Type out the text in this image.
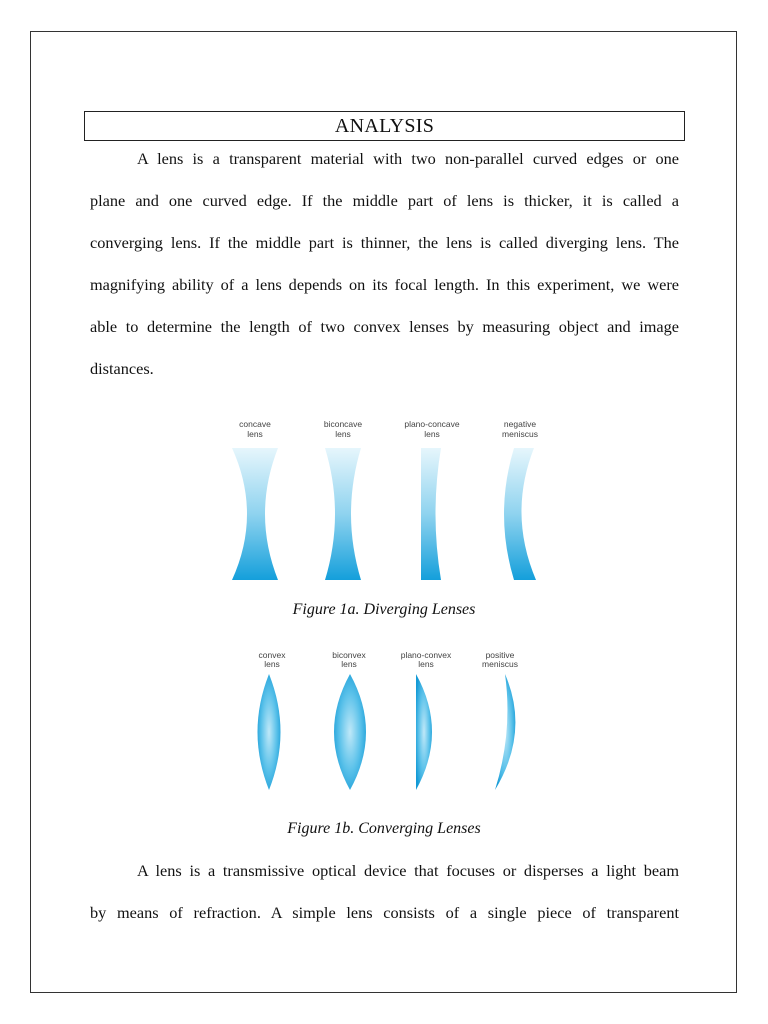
ANALYSIS
A lens is a transparent material with two non-parallel curved edges or one
plane and one curved edge. If the middle part of lens is thicker, it is called a
converging lens. If the middle part is thinner, the lens is called diverging lens. The
magnifying ability of a lens depends on its focal length. In this experiment, we were
able to determine the length of two convex lenses by measuring object and image
distances.
concave
lens
biconcave
lens
plano-concave
lens
negative
meniscus
Figure 1a. Diverging Lenses
convex
lens
biconvex
lens
plano-convex
lens
positive
meniscus
Figure 1b. Converging Lenses
A lens is a transmissive optical device that focuses or disperses a light beam
by means of refraction. A simple lens consists of a single piece of transparent
